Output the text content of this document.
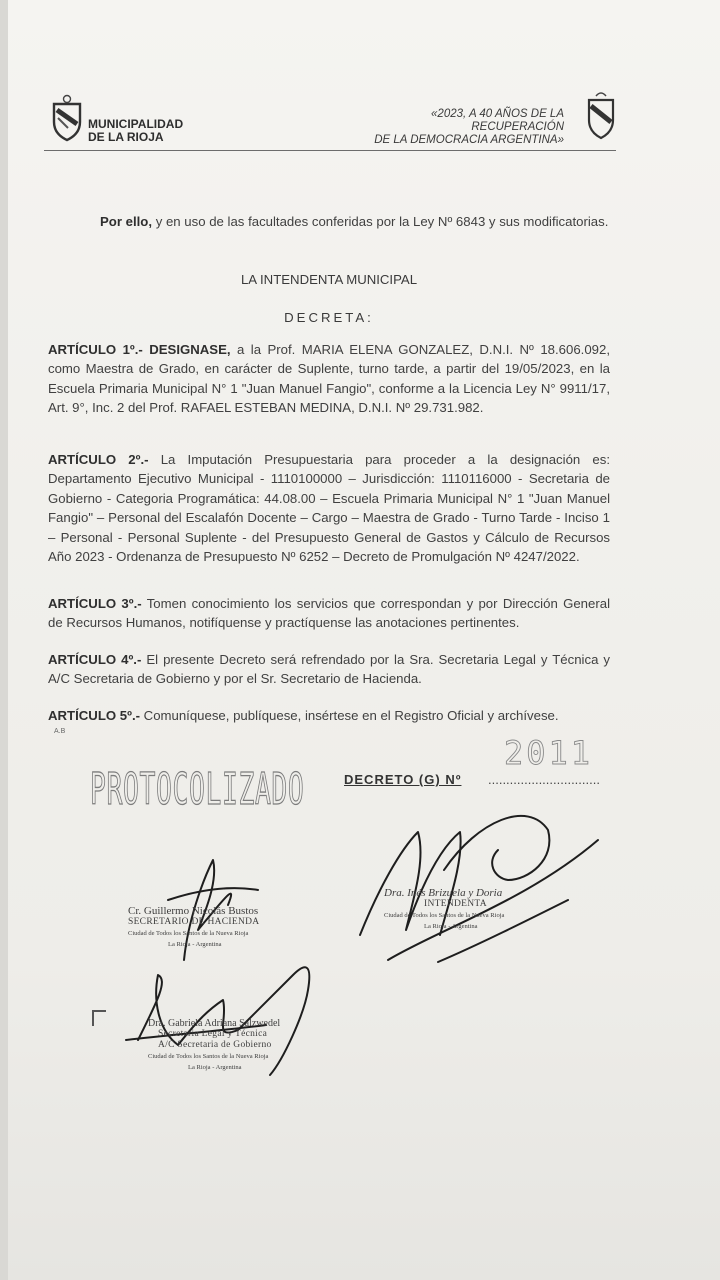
MUNICIPALIDAD
DE LA RIOJA
«2023, A 40 AÑOS DE LA RECUPERACIÓN
DE LA DEMOCRACIA ARGENTINA»
Por ello, y en uso de las facultades conferidas por la Ley Nº 6843 y sus modificatorias.
LA INTENDENTA MUNICIPAL
DECRETA:
ARTÍCULO 1º.- DESIGNASE, a la Prof. MARIA ELENA GONZALEZ, D.N.I. Nº 18.606.092, como Maestra de Grado, en carácter de Suplente, turno tarde, a partir del 19/05/2023, en la Escuela Primaria Municipal N° 1 "Juan Manuel Fangio", conforme a la Licencia Ley N° 9911/17, Art. 9°, Inc. 2 del Prof. RAFAEL ESTEBAN MEDINA, D.N.I. Nº 29.731.982.
ARTÍCULO 2º.- La Imputación Presupuestaria para proceder a la designación es: Departamento Ejecutivo Municipal - 1110100000 – Jurisdicción: 1110116000 - Secretaria de Gobierno - Categoria Programática: 44.08.00 – Escuela Primaria Municipal N° 1 "Juan Manuel Fangio" – Personal del Escalafón Docente – Cargo – Maestra de Grado - Turno Tarde - Inciso 1 – Personal - Personal Suplente - del Presupuesto General de Gastos y Cálculo de Recursos Año 2023 - Ordenanza de Presupuesto Nº 6252 – Decreto de Promulgación Nº 4247/2022.
ARTÍCULO 3º.- Tomen conocimiento los servicios que correspondan y por Dirección General de Recursos Humanos, notifíquense y practíquense las anotaciones pertinentes.
ARTÍCULO 4º.- El presente Decreto será refrendado por la Sra. Secretaria Legal y Técnica y A/C Secretaria de Gobierno y por el Sr. Secretario de Hacienda.
ARTÍCULO 5º.- Comuníquese, publíquese, insértese en el Registro Oficial y archívese.
A.B
PROTOCOLIZADO
2011
DECRETO (G) Nº ...............................
Cr. Guillermo Nicolás Bustos
SECRETARIO DE HACIENDA
Ciudad de Todos los Santos de la Nueva Rioja
La Rioja - Argentina
Dra. Inés Brizuela y Doria
INTENDENTA
Ciudad de Todos los Santos de la Nueva Rioja
La Rioja - Argentina
Dra. Gabriela Adriana Salzwedel
Secretaria Legal y Técnica
A/C Secretaria de Gobierno
Ciudad de Todos los Santos de la Nueva Rioja
La Rioja - Argentina
